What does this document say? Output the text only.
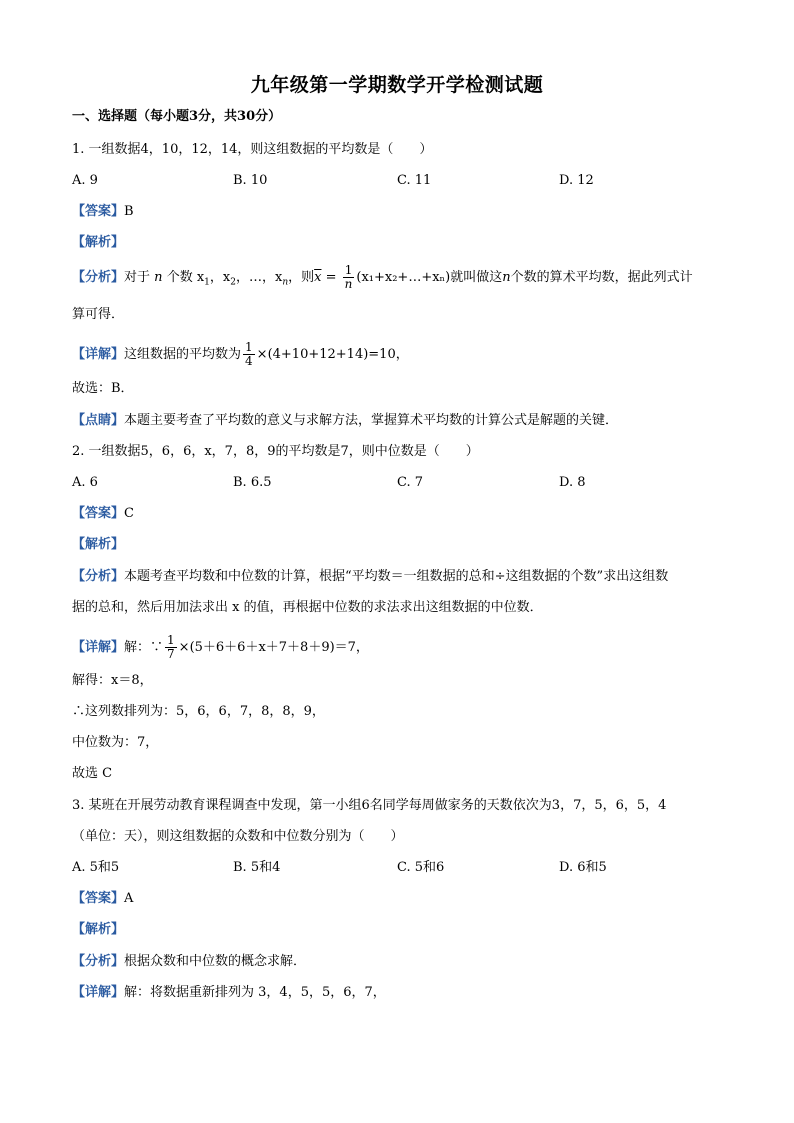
九年级第一学期数学开学检测试题
一、选择题（每小题3分，共30分）
1. 一组数据4，10，12，14，则这组数据的平均数是（　　）
A. 9	B. 10	C. 11	D. 12
【答案】B
【解析】
【分析】对于 n 个数 $x_1$，$x_2$，…，$x_n$，则$\overline{x} = \frac{1}{n}$ (x₁+x₂+…+xₙ)就叫做这n个数的算术平均数，据此列式计
算可得．
【详解】这组数据的平均数为 $\frac{1}{4} \times(4+10+12+14)=10$，
故选：B．
【点睛】本题主要考查了平均数的意义与求解方法，掌握算术平均数的计算公式是解题的关键．
2. 一组数据5，6，6，x，7，8，9的平均数是7，则中位数是（　　）
A. 6	B. 6.5	C. 7	D. 8
【答案】C
【解析】
【分析】本题考查平均数和中位数的计算，根据“平均数＝一组数据的总和÷这组数据的个数”求出这组数
据的总和，然后用加法求出 x 的值，再根据中位数的求法求出这组数据的中位数．
【详解】解：∵ $\frac{1}{7} \times(5+6+6+x+7+8+9)=7$，
解得：x＝8，
∴这列数排列为：5，6，6，7，8，8，9，
中位数为：7，
故选 C
3. 某班在开展劳动教育课程调查中发现，第一小组6名同学每周做家务的天数依次为3，7，5，6，5，4
（单位：天），则这组数据的众数和中位数分别为（　　）
A. 5和5	B. 5和4	C. 5和6	D. 6和5
【答案】A
【解析】
【分析】根据众数和中位数的概念求解．
【详解】解：将数据重新排列为 3，4，5，5，6，7，
